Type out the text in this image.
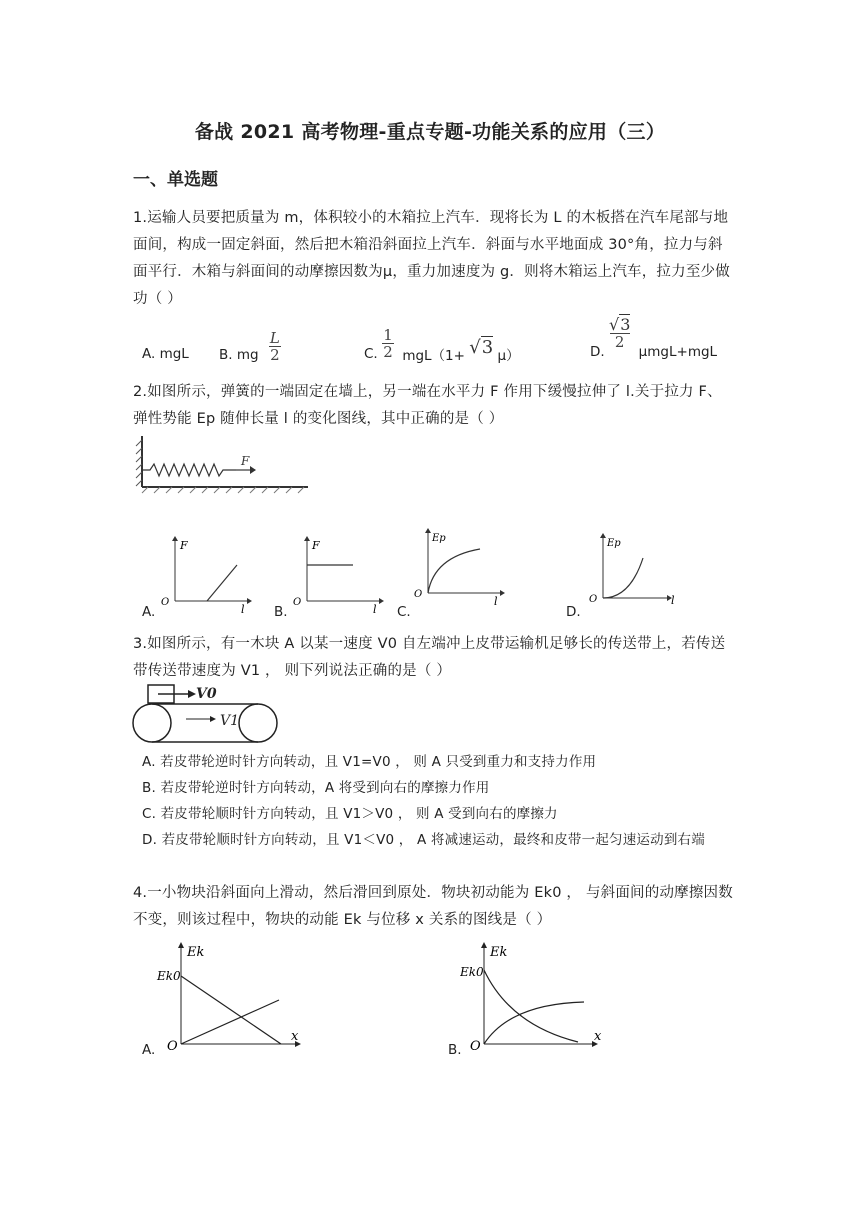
备战 2021 高考物理-重点专题-功能关系的应用（三）
一、单选题
1.运输人员要把质量为 m，体积较小的木箱拉上汽车．现将长为 L 的木板搭在汽车尾部与地面间，构成一固定斜面，然后把木箱沿斜面拉上汽车．斜面与水平地面成 30°角，拉力与斜面平行．木箱与斜面间的动摩擦因数为μ，重力加速度为 g．则将木箱运上汽车，拉力至少做功（ ）
A. mgL B. mg $\frac{L}{2}$	C. $\frac{1}{2} mgL(1+ √3$ μ）	D. $\frac{√3}{2} \mu mgL+mgL$
2.如图所示，弹簧的一端固定在墙上，另一端在水平力 F 作用下缓慢拉伸了 l.关于拉力 F、弹性势能 Ep 随伸长量 l 的变化图线，其中正确的是（ ）
F
A.
F
O
l B.
F
O
l C.
Ep
O
l
D.
Ep
O	l
3.如图所示，有一木块 A 以某一速度 V0 自左端冲上皮带运输机足够长的传送带上，若传送带传送带速度为 V1 ， 则下列说法正确的是（ ）
V0
V1
A. 若皮带轮逆时针方向转动，且 V1=V0 ， 则 A 只受到重力和支持力作用
B. 若皮带轮逆时针方向转动，A 将受到向右的摩擦力作用
C. 若皮带轮顺时针方向转动，且 V1＞V0 ， 则 A 受到向右的摩擦力
D. 若皮带轮顺时针方向转动，且 V1＜V0 ， A 将减速运动，最终和皮带一起匀速运动到右端
4.一小物块沿斜面向上滑动，然后滑回到原处．物块初动能为 Ek0 ， 与斜面间的动摩擦因数不变，则该过程中，物块的动能 Ek 与位移 x 关系的图线是（ ）
A.
Ek
Ek0
O
x
B.
Ek
Ek0
O
x
